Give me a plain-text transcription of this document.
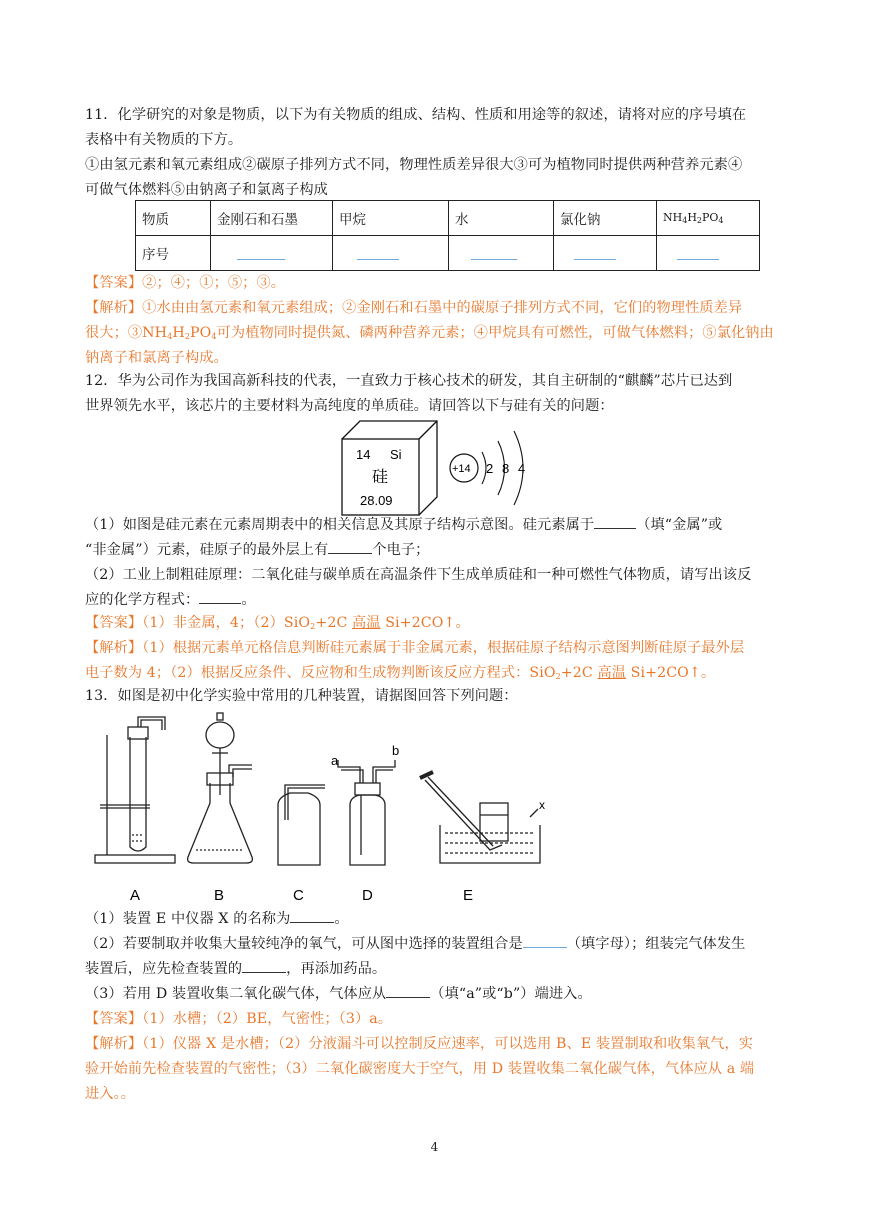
11．化学研究的对象是物质，以下为有关物质的组成、结构、性质和用途等的叙述，请将对应的序号填在
表格中有关物质的下方。
①由氢元素和氧元素组成②碳原子排列方式不同，物理性质差异很大③可为植物同时提供两种营养元素④
可做气体燃料⑤由钠离子和氯离子构成
物质	金刚石和石墨	甲烷	水	氯化钠	$NH_4H_2PO_4$
序号					
【答案】②；④；①；⑤；③。
【解析】①水由由氢元素和氧元素组成；②金刚石和石墨中的碳原子排列方式不同，它们的物理性质差异
很大；$③NH_4H_2PO_4$可为植物同时提供氮、磷两种营养元素；④甲烷具有可燃性，可做气体燃料；⑤氯化钠由
钠离子和氯离子构成。
12．华为公司作为我国高新科技的代表，一直致力于核心技术的研发，其自主研制的“麒麟”芯片已达到
世界领先水平，该芯片的主要材料为高纯度的单质硅。请回答以下与硅有关的问题：
14 Si
硅
28.09
+14 2 8 4
（1）如图是硅元素在元素周期表中的相关信息及其原子结构示意图。硅元素属于	（填“金属”或
“非金属”）元素，硅原子的最外层上有	个电子；
（2）工业上制粗硅原理：二氧化硅与碳单质在高温条件下生成单质硅和一种可燃性气体物质，请写出该反
应的化学方程式：	。
【答案】（1）非金属，4；（2）SiO$_2$+2C 高温 Si+2CO↑。
【解析】（1）根据元素单元格信息判断硅元素属于非金属元素，根据硅原子结构示意图判断硅原子最外层
电子数为 4；（2）根据反应条件、反应物和生成物判断该反应方程式：SiO$_2$+2C 高温 Si+2CO↑。
13．如图是初中化学实验中常用的几种装置，请据图回答下列问题：
a
b
x
A	B	C	D	E
（1）装置 E 中仪器 X 的名称为	。
（2）若要制取并收集大量较纯净的氧气，可从图中选择的装置组合是	（填字母）；组装完气体发生
装置后，应先检查装置的	，再添加药品。
（3）若用 D 装置收集二氧化碳气体，气体应从	（填“a”或“b”）端进入。
【答案】（1）水槽；（2）BE，气密性；（3）a。
【解析】（1）仪器 X 是水槽；（2）分液漏斗可以控制反应速率，可以选用 B、E 装置制取和收集氧气，实
验开始前先检查装置的气密性；（3）二氧化碳密度大于空气，用 D 装置收集二氧化碳气体，气体应从 a 端
进入。。
4
